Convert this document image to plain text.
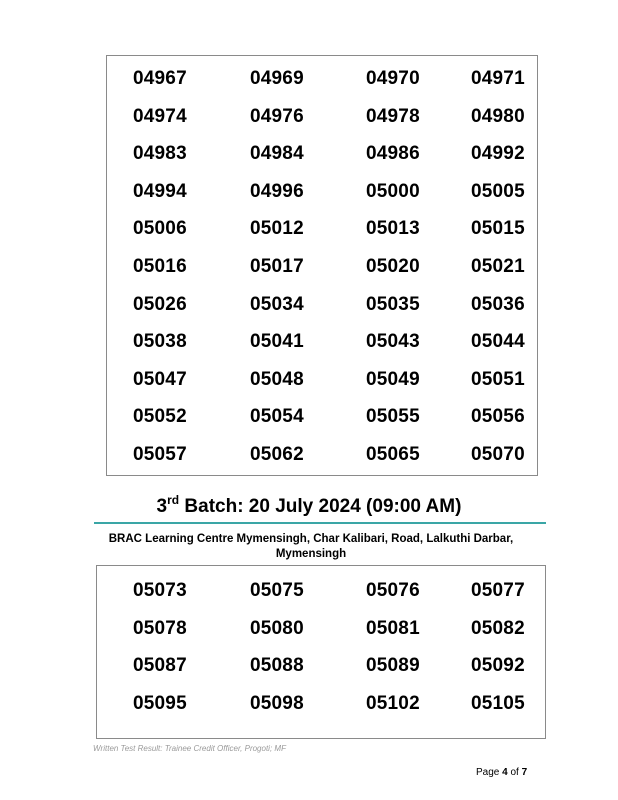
04967	04969	04970	04971
04974	04976	04978	04980
04983	04984	04986	04992
04994	04996	05000	05005
05006	05012	05013	05015
05016	05017	05020	05021
05026	05034	05035	05036
05038	05041	05043	05044
05047	05048	05049	05051
05052	05054	05055	05056
05057	05062	05065	05070
3rd Batch: 20 July 2024 (09:00 AM)
BRAC Learning Centre Mymensingh, Char Kalibari, Road, Lalkuthi Darbar,
Mymensingh
05073	05075	05076	05077
05078	05080	05081	05082
05087	05088	05089	05092
05095	05098	05102	05105
Written Test Result: Trainee Credit Officer, Progoti; MF
Page 4 of 7
